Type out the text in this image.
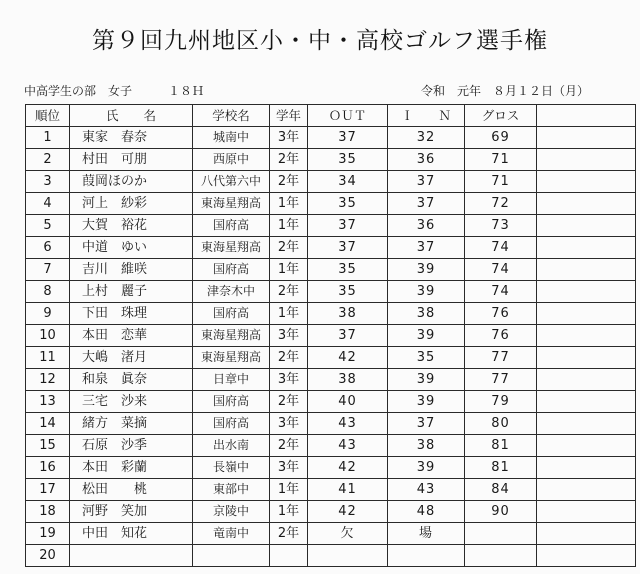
第９回九州地区小・中・高校ゴルフ選手権
中高学生の部　女子　　　１８Ｈ	令和　元年　８月１２日（月）
順位	氏　　名	学校名	学年	ＯＵＴ	Ｉ　　Ｎ	グロス	
1	東家　春奈	城南中	3年	37	32	69	
2	村田　可朋	西原中	2年	35	36	71	
3	葭岡ほのか	八代第六中	2年	34	37	71	
4	河上　紗彩	東海星翔高	1年	35	37	72	
5	大賀　裕花	国府高	1年	37	36	73	
6	中道　ゆい	東海星翔高	2年	37	37	74	
7	吉川　維咲	国府高	1年	35	39	74	
8	上村　麗子	津奈木中	2年	35	39	74	
9	下田　珠理	国府高	1年	38	38	76	
10	本田　恋華	東海星翔高	3年	37	39	76	
11	大嶋　渚月	東海星翔高	2年	42	35	77	
12	和泉　眞奈	日章中	3年	38	39	77	
13	三宅　沙来	国府高	2年	40	39	79	
14	緒方　菜摘	国府高	3年	43	37	80	
15	石原　沙季	出水南	2年	43	38	81	
16	本田　彩蘭	長嶺中	3年	42	39	81	
17	松田　　桃	東部中	1年	41	43	84	
18	河野　笑加	京陵中	1年	42	48	90	
19	中田　知花	竜南中	2年	欠	場		
20							
